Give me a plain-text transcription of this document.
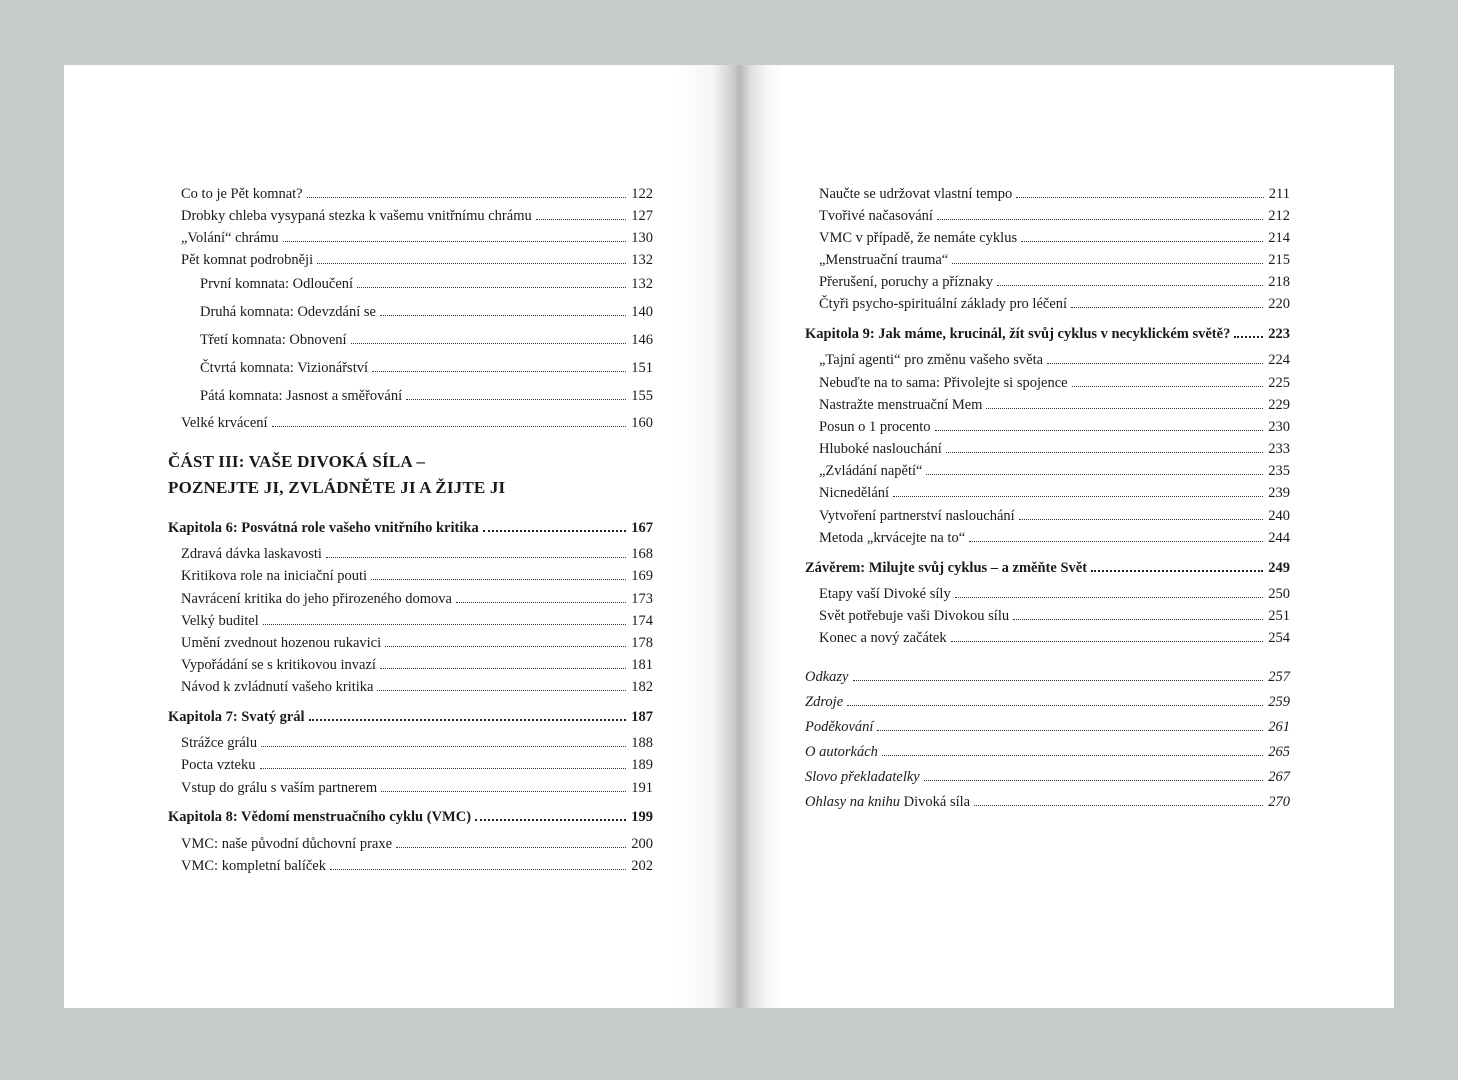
Co to je Pět komnat?	122
Drobky chleba vysypaná stezka k vašemu vnitřnímu chrámu	127
„Volání“ chrámu	130
Pět komnat podrobněji	132
První komnata: Odloučení	132
Druhá komnata: Odevzdání se	140
Třetí komnata: Obnovení	146
Čtvrtá komnata: Vizionářství	151
Pátá komnata: Jasnost a směřování	155
Velké krvácení	160
ČÁST III: VAŠE DIVOKÁ SÍLA –
POZNEJTE JI, ZVLÁDNĚTE JI A ŽIJTE JI
Kapitola 6: Posvátná role vašeho vnitřního kritika	167
Zdravá dávka laskavosti	168
Kritikova role na iniciační pouti	169
Navrácení kritika do jeho přirozeného domova	173
Velký buditel	174
Umění zvednout hozenou rukavici	178
Vypořádání se s kritikovou invazí	181
Návod k zvládnutí vašeho kritika	182
Kapitola 7: Svatý grál	187
Strážce grálu	188
Pocta vzteku	189
Vstup do grálu s vaším partnerem	191
Kapitola 8: Vědomí menstruačního cyklu (VMC)	199
VMC: naše původní důchovní praxe	200
VMC: kompletní balíček	202
Naučte se udržovat vlastní tempo	211
Tvořivé načasování	212
VMC v případě, že nemáte cyklus	214
„Menstruační trauma“	215
Přerušení, poruchy a příznaky	218
Čtyři psycho-spirituální základy pro léčení	220
Kapitola 9: Jak máme, krucinál, žít svůj cyklus v necyklickém světě?	223
„Tajní agenti“ pro změnu vašeho světa	224
Nebuďte na to sama: Přivolejte si spojence	225
Nastražte menstruační Mem	229
Posun o 1 procento	230
Hluboké naslouchání	233
„Zvládání napětí“	235
Nicnedělání	239
Vytvoření partnerství naslouchání	240
Metoda „krvácejte na to“	244
Závěrem: Milujte svůj cyklus – a změňte Svět	249
Etapy vaší Divoké síly	250
Svět potřebuje vaši Divokou sílu	251
Konec a nový začátek	254
Odkazy	257
Zdroje	259
Poděkování	261
O autorkách	265
Slovo překladatelky	267
Ohlasy na knihu Divoká síla	270
